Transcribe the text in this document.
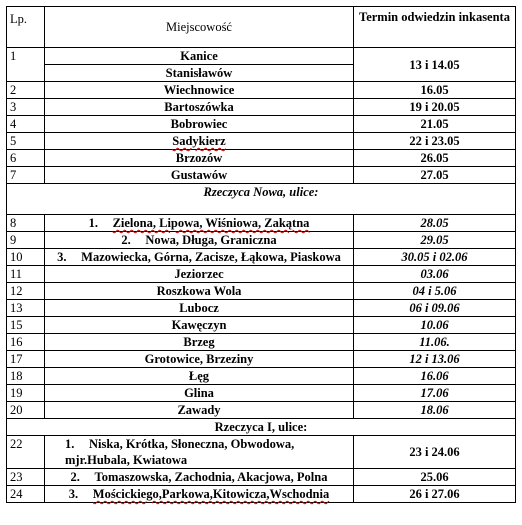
Lp.	Miejscowość	Termin odwiedzin inkasenta
1	Kanice	13 i 14.05
	Stanisławów	
2	Wiechnowice	16.05
3	Bartoszówka	19 i 20.05
4	Bobrowiec	21.05
5	Sadykierz	22 i 23.05
6	Brzozów	26.05
7	Gustawów	27.05
Rzeczyca Nowa, ulice:		
8	1. Zielona, Lipowa, Wiśniowa, Zakątna	28.05
9	2. Nowa, Długa, Graniczna	29.05
10	3. Mazowiecka, Górna, Zacisze, Łąkowa, Piaskowa	30.05 i 02.06
11	Jeziorzec	03.06
12	Roszkowa Wola	04 i 5.06
13	Lubocz	06 i 09.06
15	Kawęczyn	10.06
16	Brzeg	11.06.
17	Grotowice, Brzeziny	12 i 13.06
18	Łęg	16.06
19	Glina	17.06
20	Zawady	18.06
Rzeczyca I, ulice:		
22	1. Niska, Krótka, Słoneczna, Obwodowa, mjr.Hubala, Kwiatowa	23 i 24.06
23	2. Tomaszowska, Zachodnia, Akacjowa, Polna	25.06
24	3. Mościckiego,Parkowa,Kitowicza,Wschodnia	26 i 27.06
